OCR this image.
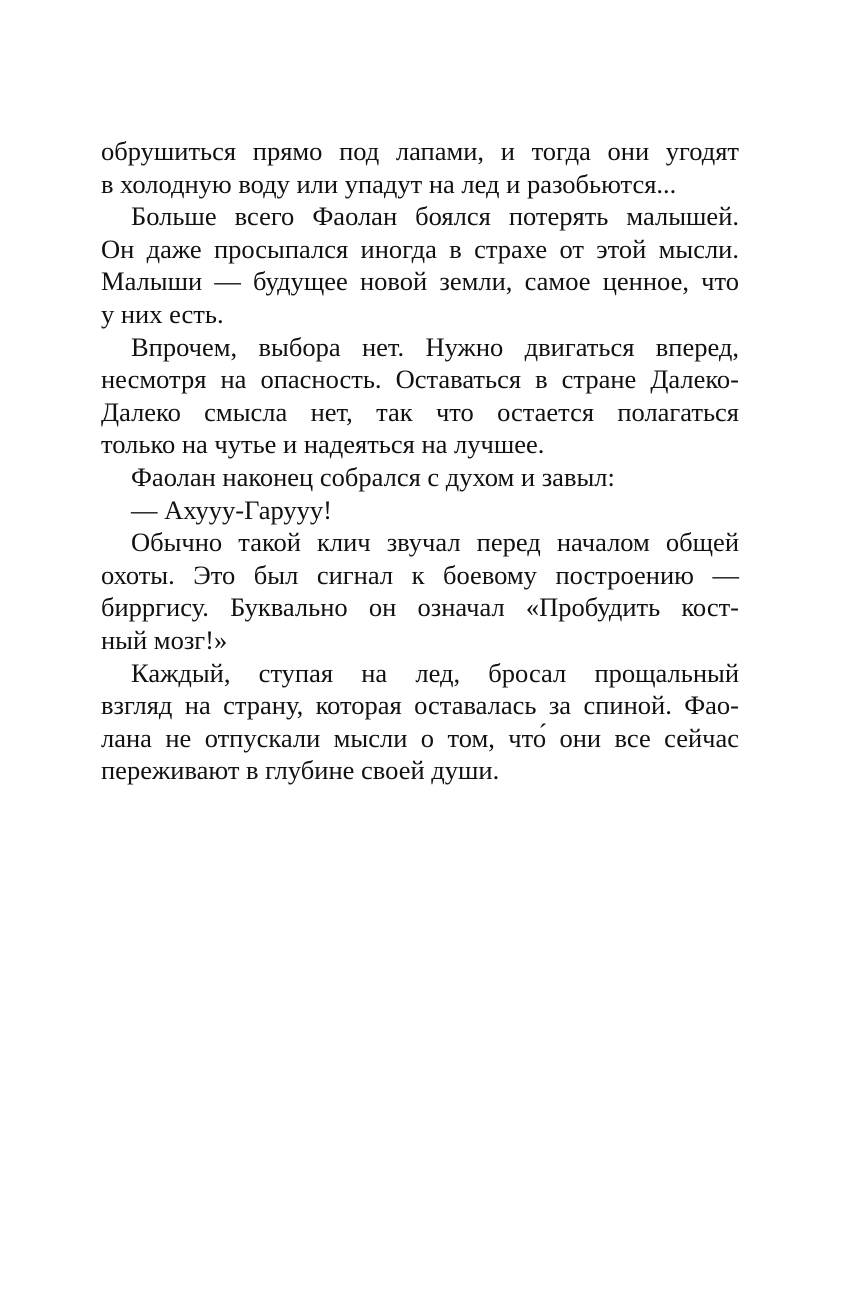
обрушиться прямо под лапами, и тогда они угодят
в холодную воду или упадут на лед и разобьются...
Больше всего Фаолан боялся потерять малышей.
Он даже просыпался иногда в страхе от этой мысли.
Малыши — будущее новой земли, самое ценное, что
у них есть.
Впрочем, выбора нет. Нужно двигаться вперед,
несмотря на опасность. Оставаться в стране Далеко-
Далеко смысла нет, так что остается полагаться
только на чутье и надеяться на лучшее.
Фаолан наконец собрался с духом и завыл:
— Ахууу-Гарууу!
Обычно такой клич звучал перед началом общей
охоты. Это был сигнал к боевому построению —
бирргису. Буквально он означал «Пробудить кост-
ный мозг!»
Каждый, ступая на лед, бросал прощальный
взгляд на страну, которая оставалась за спиной. Фао-
лана не отпускали мысли о том, что́ они все сейчас
переживают в глубине своей души.
